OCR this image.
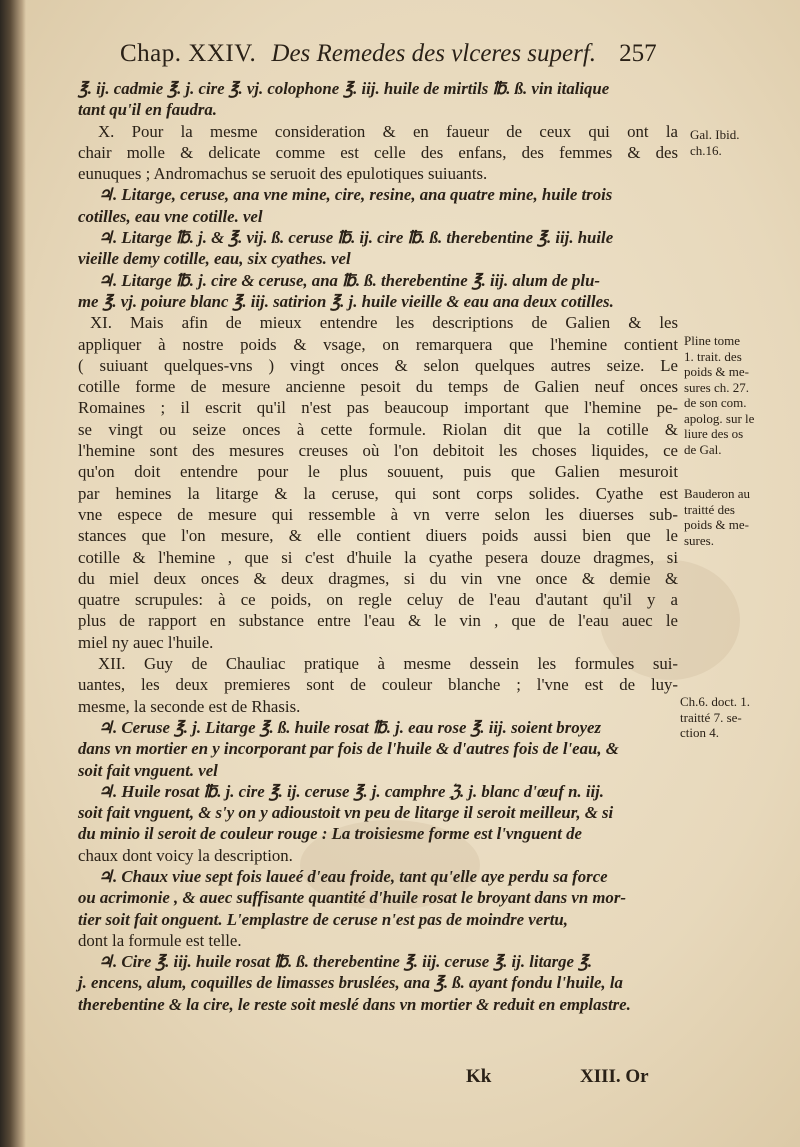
Chap. XXIV. Des Remedes des vlceres superf. 257
℥. ij. cadmie ℥. j. cire ℥. vj. colophone ℥. iij. huile de mirtils ℔. ß. vin italique
tant qu'il en faudra.
X. Pour la mesme consideration & en faueur de ceux qui ont la
chair molle & delicate comme est celle des enfans, des femmes & des
eunuques ; Andromachus se seruoit des epulotiques suiuants.
♃. Litarge, ceruse, ana vne mine, cire, resine, ana quatre mine, huile trois
cotilles, eau vne cotille. vel
♃. Litarge ℔. j. & ℥. vij. ß. ceruse ℔. ij. cire ℔. ß. therebentine ℥. iij. huile
vieille demy cotille, eau, six cyathes. vel
♃. Litarge ℔. j. cire & ceruse, ana ℔. ß. therebentine ℥. iij. alum de plu-
me ℥. vj. poiure blanc ℥. iij. satirion ℥. j. huile vieille & eau ana deux cotilles.
XI. Mais afin de mieux entendre les descriptions de Galien & les
appliquer à nostre poids & vsage, on remarquera que l'hemine contient
( suiuant quelques-vns ) vingt onces & selon quelques autres seize. Le
cotille forme de mesure ancienne pesoit du temps de Galien neuf onces
Romaines ; il escrit qu'il n'est pas beaucoup important que l'hemine pe-
se vingt ou seize onces à cette formule. Riolan dit que la cotille &
l'hemine sont des mesures creuses où l'on debitoit les choses liquides, ce
qu'on doit entendre pour le plus souuent, puis que Galien mesuroit
par hemines la litarge & la ceruse, qui sont corps solides. Cyathe est
vne espece de mesure qui ressemble à vn verre selon les diuerses sub-
stances que l'on mesure, & elle contient diuers poids aussi bien que le
cotille & l'hemine , que si c'est d'huile la cyathe pesera douze dragmes, si
du miel deux onces & deux dragmes, si du vin vne once & demie &
quatre scrupules: à ce poids, on regle celuy de l'eau d'autant qu'il y a
plus de rapport en substance entre l'eau & le vin , que de l'eau auec le
miel ny auec l'huile.
XII. Guy de Chauliac pratique à mesme dessein les formules sui-
uantes, les deux premieres sont de couleur blanche ; l'vne est de luy-
mesme, la seconde est de Rhasis.
♃. Ceruse ℥. j. Litarge ℥. ß. huile rosat ℔. j. eau rose ℥. iij. soient broyez
dans vn mortier en y incorporant par fois de l'huile & d'autres fois de l'eau, &
soit fait vnguent. vel
♃. Huile rosat ℔. j. cire ℥. ij. ceruse ℥. j. camphre ℨ. j. blanc d'œuf n. iij.
soit fait vnguent, & s'y on y adioustoit vn peu de litarge il seroit meilleur, & si
du minio il seroit de couleur rouge : La troisiesme forme est l'vnguent de
chaux dont voicy la description.
♃. Chaux viue sept fois laueé d'eau froide, tant qu'elle aye perdu sa force
ou acrimonie , & auec suffisante quantité d'huile rosat le broyant dans vn mor-
tier soit fait onguent. L'emplastre de ceruse n'est pas de moindre vertu,
dont la formule est telle.
♃. Cire ℥. iij. huile rosat ℔. ß. therebentine ℥. iij. ceruse ℥. ij. litarge ℥.
j. encens, alum, coquilles de limasses bruslées, ana ℥. ß. ayant fondu l'huile, la
therebentine & la cire, le reste soit meslé dans vn mortier & reduit en emplastre.
Gal. Ibid.
ch.16.
Pline tome
1. trait. des
poids & me-
sures ch. 27.
de son com.
apolog. sur le
liure des os
de Gal.
Bauderon au
traitté des
poids & me-
sures.
Ch.6. doct. 1.
traitté 7. se-
ction 4.
Kk	XIII. Or
